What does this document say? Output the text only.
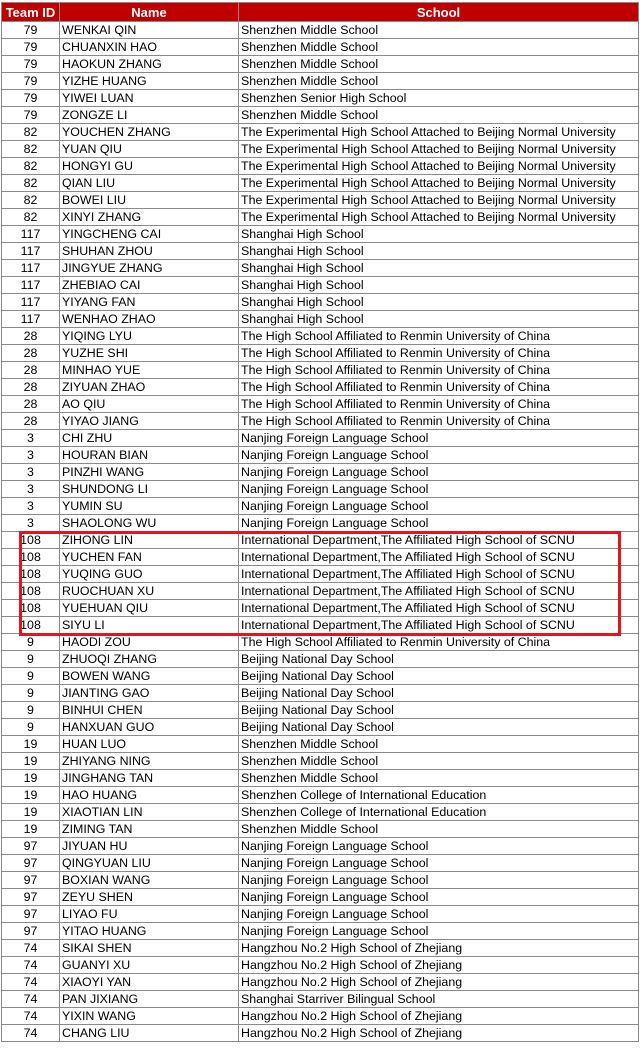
Team ID	Name	School
79	WENKAI QIN	Shenzhen Middle School
79	CHUANXIN HAO	Shenzhen Middle School
79	HAOKUN ZHANG	Shenzhen Middle School
79	YIZHE HUANG	Shenzhen Middle School
79	YIWEI LUAN	Shenzhen Senior High School
79	ZONGZE LI	Shenzhen Middle School
82	YOUCHEN ZHANG	The Experimental High School Attached to Beijing Normal University
82	YUAN QIU	The Experimental High School Attached to Beijing Normal University
82	HONGYI GU	The Experimental High School Attached to Beijing Normal University
82	QIAN LIU	The Experimental High School Attached to Beijing Normal University
82	BOWEI LIU	The Experimental High School Attached to Beijing Normal University
82	XINYI ZHANG	The Experimental High School Attached to Beijing Normal University
117	YINGCHENG CAI	Shanghai High School
117	SHUHAN ZHOU	Shanghai High School
117	JINGYUE ZHANG	Shanghai High School
117	ZHEBIAO CAI	Shanghai High School
117	YIYANG FAN	Shanghai High School
117	WENHAO ZHAO	Shanghai High School
28	YIQING LYU	The High School Affiliated to Renmin University of China
28	YUZHE SHI	The High School Affiliated to Renmin University of China
28	MINHAO YUE	The High School Affiliated to Renmin University of China
28	ZIYUAN ZHAO	The High School Affiliated to Renmin University of China
28	AO QIU	The High School Affiliated to Renmin University of China
28	YIYAO JIANG	The High School Affiliated to Renmin University of China
3	CHI ZHU	Nanjing Foreign Language School
3	HOURAN BIAN	Nanjing Foreign Language School
3	PINZHI WANG	Nanjing Foreign Language School
3	SHUNDONG LI	Nanjing Foreign Language School
3	YUMIN SU	Nanjing Foreign Language School
3	SHAOLONG WU	Nanjing Foreign Language School
108	ZIHONG LIN	International Department,The Affiliated High School of SCNU
108	YUCHEN FAN	International Department,The Affiliated High School of SCNU
108	YUQING GUO	International Department,The Affiliated High School of SCNU
108	RUOCHUAN XU	International Department,The Affiliated High School of SCNU
108	YUEHUAN QIU	International Department,The Affiliated High School of SCNU
108	SIYU LI	International Department,The Affiliated High School of SCNU
9	HAODI ZOU	The High School Affiliated to Renmin University of China
9	ZHUOQI ZHANG	Beijing National Day School
9	BOWEN WANG	Beijing National Day School
9	JIANTING GAO	Beijing National Day School
9	BINHUI CHEN	Beijing National Day School
9	HANXUAN GUO	Beijing National Day School
19	HUAN LUO	Shenzhen Middle School
19	ZHIYANG NING	Shenzhen Middle School
19	JINGHANG TAN	Shenzhen Middle School
19	HAO HUANG	Shenzhen College of International Education
19	XIAOTIAN LIN	Shenzhen College of International Education
19	ZIMING TAN	Shenzhen Middle School
97	JIYUAN HU	Nanjing Foreign Language School
97	QINGYUAN LIU	Nanjing Foreign Language School
97	BOXIAN WANG	Nanjing Foreign Language School
97	ZEYU SHEN	Nanjing Foreign Language School
97	LIYAO FU	Nanjing Foreign Language School
97	YITAO HUANG	Nanjing Foreign Language School
74	SIKAI SHEN	Hangzhou No.2 High School of Zhejiang
74	GUANYI XU	Hangzhou No.2 High School of Zhejiang
74	XIAOYI YAN	Hangzhou No.2 High School of Zhejiang
74	PAN JIXIANG	Shanghai Starriver Bilingual School
74	YIXIN WANG	Hangzhou No.2 High School of Zhejiang
74	CHANG LIU	Hangzhou No.2 High School of Zhejiang
